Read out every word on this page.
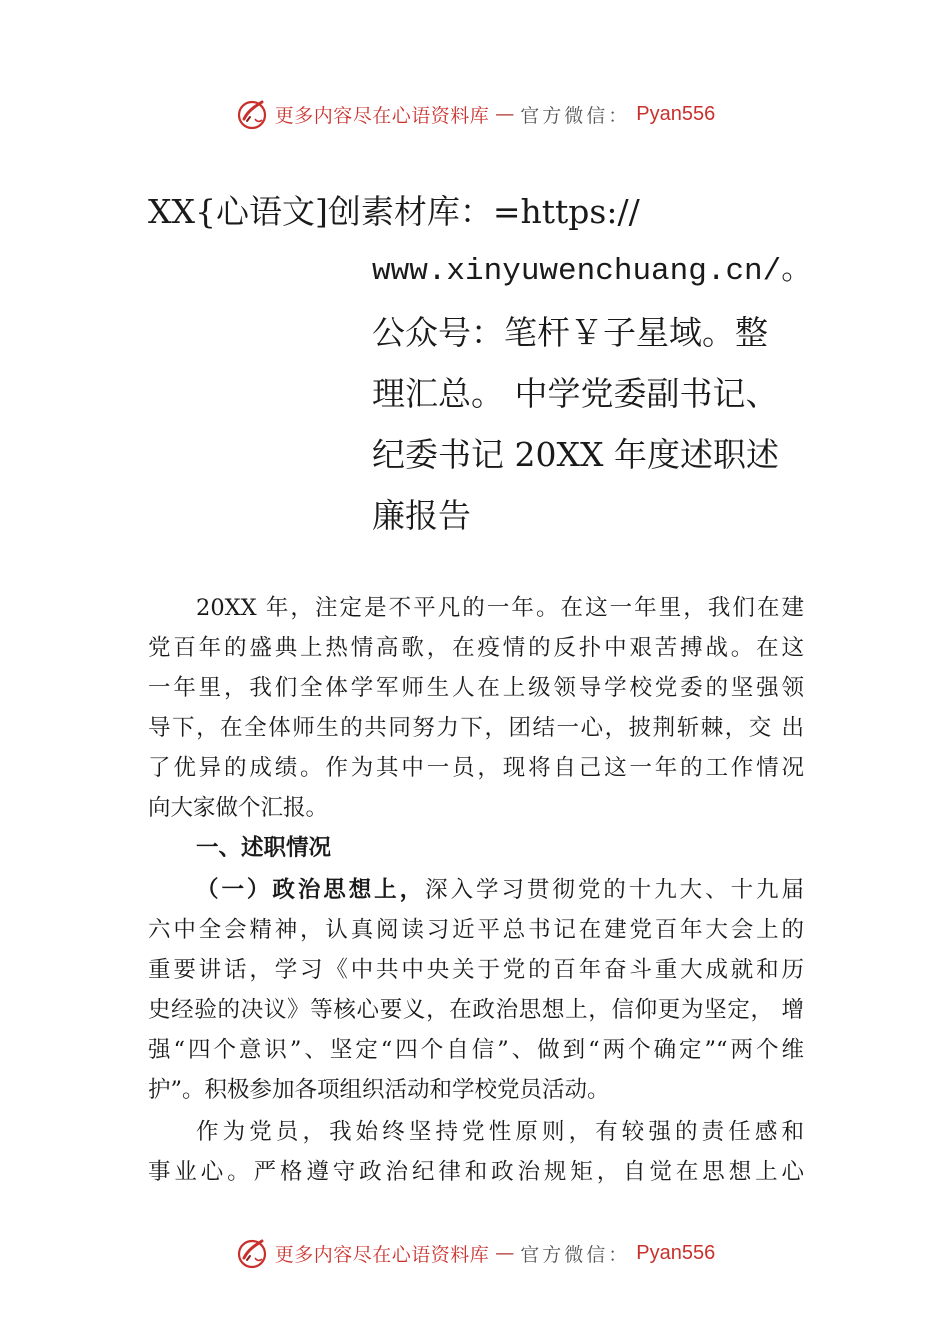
更多内容尽在心语资料库 — 官方微信： Pyan556
XX{心语文]创素材库：=https://
www.xinyuwenchuang.cn/。
公众号：笔杆￥子星域。整
理汇总。 中学党委副书记、
纪委书记 20XX 年度述职述
廉报告
20XX 年，注定是不平凡的一年。在这一年里，我们在建
党百年的盛典上热情高歌，在疫情的反扑中艰苦搏战。在这
一年里，我们全体学军师生人在上级领导学校党委的坚强领
导下，在全体师生的共同努力下，团结一心，披荆斩棘，交 出
了优异的成绩。作为其中一员，现将自己这一年的工作情况
向大家做个汇报。
一、述职情况
（一）政治思想上，深入学习贯彻党的十九大、十九届
六中全会精神，认真阅读习近平总书记在建党百年大会上的
重要讲话，学习《中共中央关于党的百年奋斗重大成就和历
史经验的决议》等核心要义，在政治思想上，信仰更为坚定， 增
强“四个意识”、坚定“四个自信”、做到“两个确定”“两个维
护”。积极参加各项组织活动和学校党员活动。
作为党员，我始终坚持党性原则，有较强的责任感和
事业心。严格遵守政治纪律和政治规矩，自觉在思想上心
更多内容尽在心语资料库 — 官方微信： Pyan556
